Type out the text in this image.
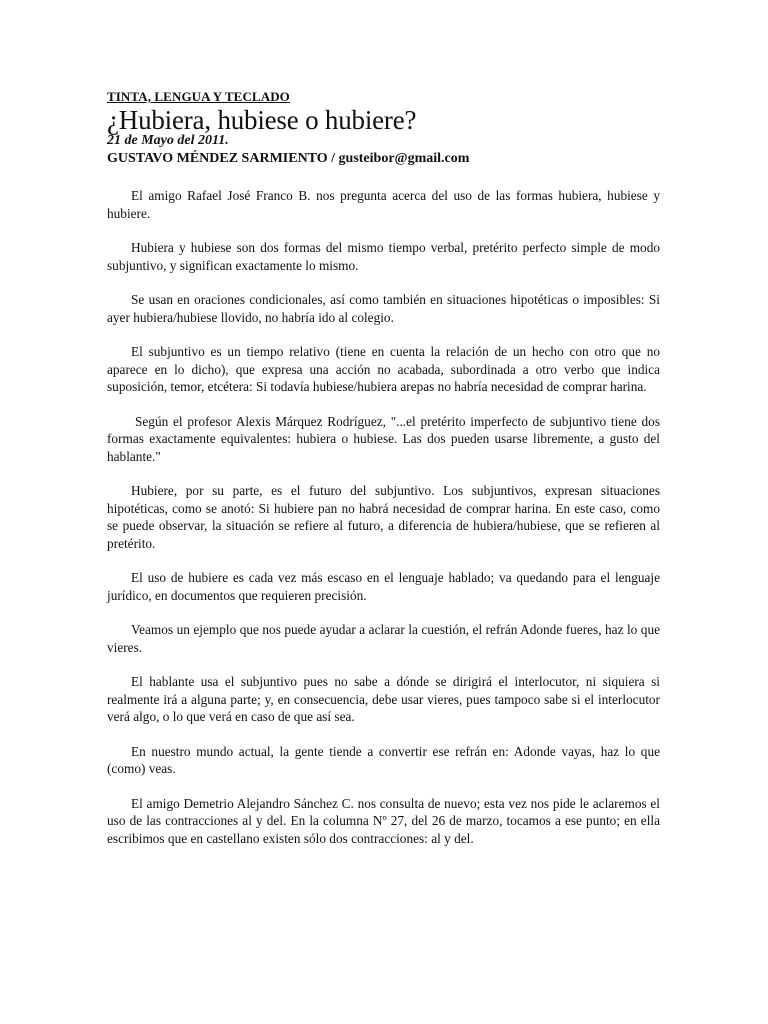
TINTA, LENGUA Y TECLADO

¿Hubiera, hubiese o hubiere?

21 de Mayo del 2011.

GUSTAVO MÉNDEZ SARMIENTO / gusteibor@gmail.com

El amigo Rafael José Franco B. nos pregunta acerca del uso de las formas hubiera, hubiese y hubiere.

Hubiera y hubiese son dos formas del mismo tiempo verbal, pretérito perfecto simple de modo subjuntivo, y significan exactamente lo mismo.

Se usan en oraciones condicionales, así como también en situaciones hipotéticas o imposibles: Si ayer hubiera/hubiese llovido, no habría ido al colegio.

El subjuntivo es un tiempo relativo (tiene en cuenta la relación de un hecho con otro que no aparece en lo dicho), que expresa una acción no acabada, subordinada a otro verbo que indica suposición, temor, etcétera: Si todavía hubiese/hubiera arepas no habría necesidad de comprar harina.

Según el profesor Alexis Márquez Rodríguez, "...el pretérito imperfecto de subjuntivo tiene dos formas exactamente equivalentes: hubiera o hubiese. Las dos pueden usarse libremente, a gusto del hablante."

Hubiere, por su parte, es el futuro del subjuntivo. Los subjuntivos, expresan situaciones hipotéticas, como se anotó: Si hubiere pan no habrá necesidad de comprar harina. En este caso, como se puede observar, la situación se refiere al futuro, a diferencia de hubiera/hubiese, que se refieren al pretérito.

El uso de hubiere es cada vez más escaso en el lenguaje hablado; va quedando para el lenguaje jurídico, en documentos que requieren precisión.

Veamos un ejemplo que nos puede ayudar a aclarar la cuestión, el refrán Adonde fueres, haz lo que vieres.

El hablante usa el subjuntivo pues no sabe a dónde se dirigirá el interlocutor, ni siquiera si realmente irá a alguna parte; y, en consecuencia, debe usar vieres, pues tampoco sabe si el interlocutor verá algo, o lo que verá en caso de que así sea.

En nuestro mundo actual, la gente tiende a convertir ese refrán en: Adonde vayas, haz lo que (como) veas.

El amigo Demetrio Alejandro Sánchez C. nos consulta de nuevo; esta vez nos pide le aclaremos el uso de las contracciones al y del. En la columna Nº 27, del 26 de marzo, tocamos a ese punto; en ella escribimos que en castellano existen sólo dos contracciones: al y del.
